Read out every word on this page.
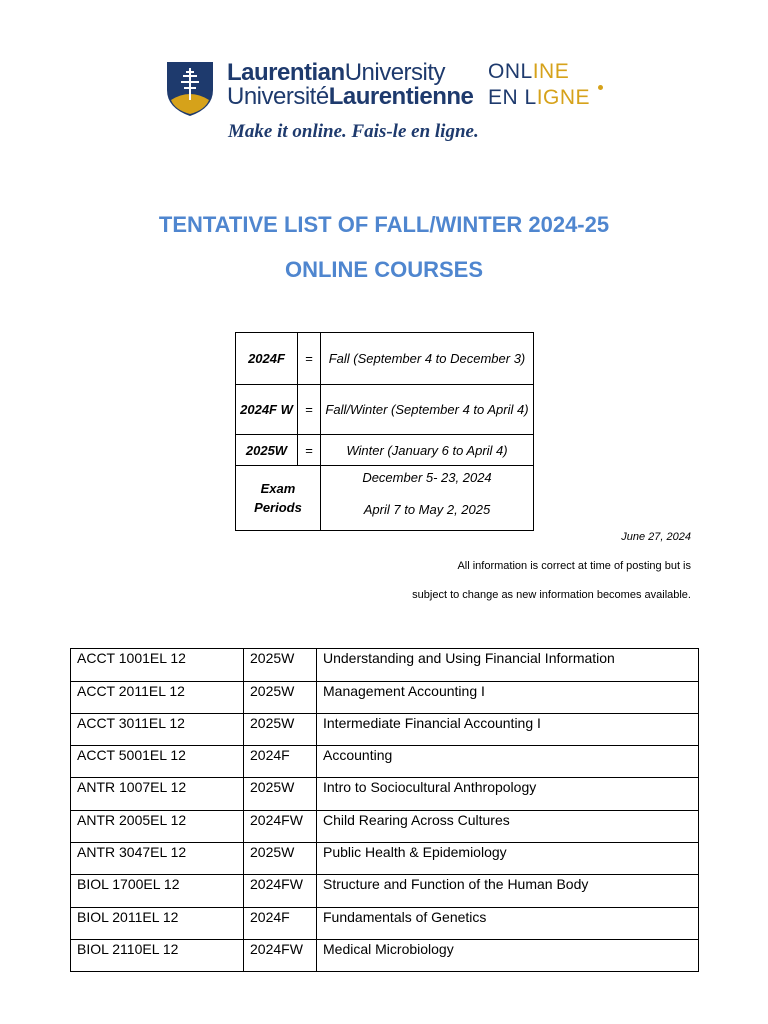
LaurentianUniversity
UniversitéLaurentienne
ONLINE
EN LIGNE
Make it online. Fais-le en ligne.
TENTATIVE LIST OF FALL/WINTER 2024-25
ONLINE COURSES
2024F	=	Fall (September 4 to December 3)
2024F W	=	Fall/Winter (September 4 to April 4)
2025W	=	Winter (January 6 to April 4)
Exam Periods		December 5- 23, 2024

April 7 to May 2, 2025

June 27, 2024
All information is correct at time of posting but is
subject to change as new information becomes available.
ACCT 1001EL 12	2025W	Understanding and Using Financial Information
ACCT 2011EL 12	2025W	Management Accounting I
ACCT 3011EL 12	2025W	Intermediate Financial Accounting I
ACCT 5001EL 12	2024F	Accounting
ANTR 1007EL 12	2025W	Intro to Sociocultural Anthropology
ANTR 2005EL 12	2024FW	Child Rearing Across Cultures
ANTR 3047EL 12	2025W	Public Health & Epidemiology
BIOL 1700EL 12	2024FW	Structure and Function of the Human Body
BIOL 2011EL 12	2024F	Fundamentals of Genetics
BIOL 2110EL 12	2024FW	Medical Microbiology
